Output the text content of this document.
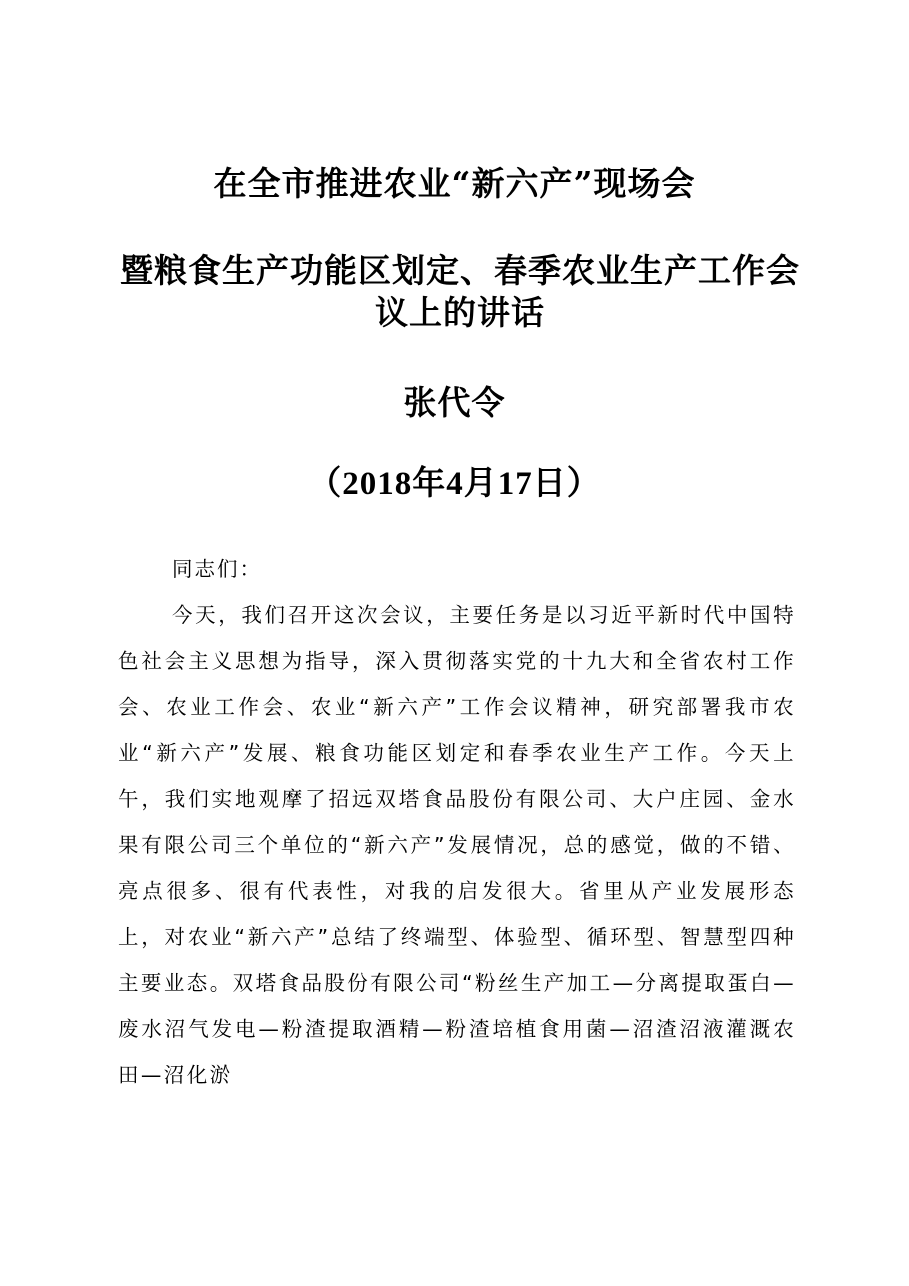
在全市推进农业“新六产”现场会
暨粮食生产功能区划定、春季农业生产工作会议上的讲话
张代令
（2018年4月17日）

同志们：

今天，我们召开这次会议，主要任务是以习近平新时代中国特色社会主义思想为指导，深入贯彻落实党的十九大和全省农村工作会、农业工作会、农业“新六产”工作会议精神，研究部署我市农业“新六产”发展、粮食功能区划定和春季农业生产工作。今天上午，我们实地观摩了招远双塔食品股份有限公司、大户庄园、金水果有限公司三个单位的“新六产”发展情况，总的感觉，做的不错、亮点很多、很有代表性，对我的启发很大。省里从产业发展形态上，对农业“新六产”总结了终端型、体验型、循环型、智慧型四种主要业态。双塔食品股份有限公司“粉丝生产加工—分离提取蛋白—废水沼气发电—粉渣提取酒精—粉渣培植食用菌—沼渣沼液灌溉农田—沼化淤
